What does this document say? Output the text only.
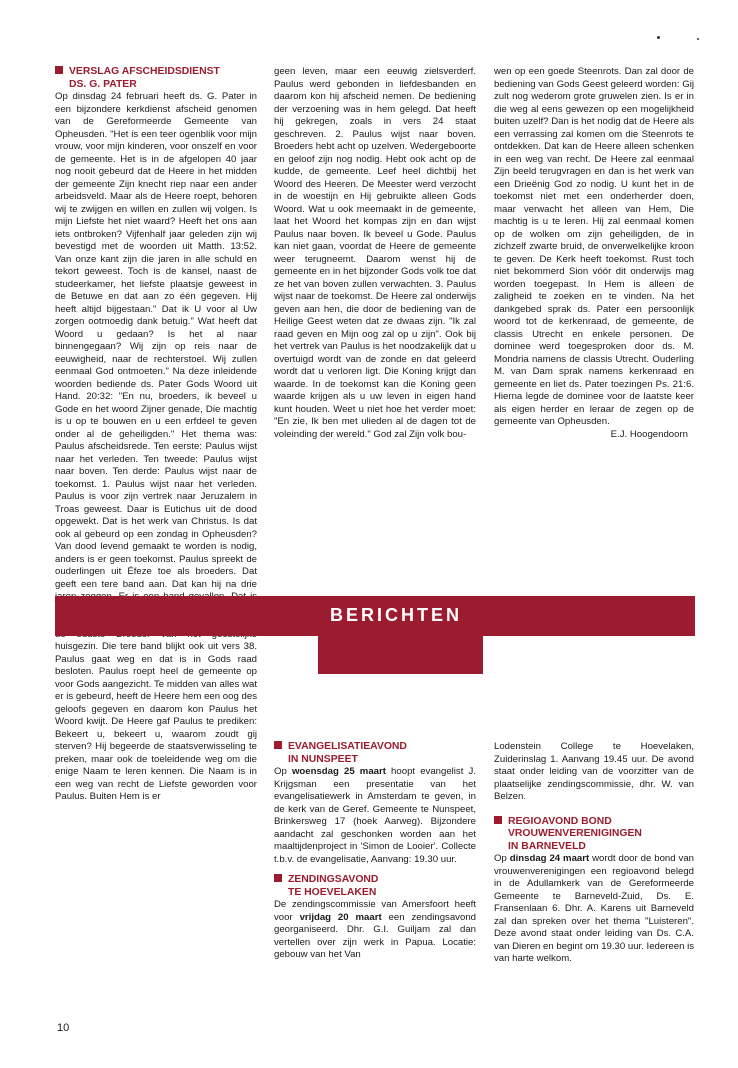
VERSLAG AFSCHEIDSDIENST
DS. G. PATER

Op dinsdag 24 februari heeft ds. G. Pater in een bijzondere kerkdienst afscheid genomen van de Gereformeerde Gemeente van Opheusden. "Het is een teer ogenblik voor mijn vrouw, voor mijn kinderen, voor onszelf en voor de gemeente. Het is in de afgelopen 40 jaar nog nooit gebeurd dat de Heere in het midden der gemeente Zijn knecht riep naar een ander arbeidsveld. Maar als de Heere roept, behoren wij te zwijgen en willen en zullen wij volgen. Is mijn Liefste het niet waard? Heeft het ons aan iets ontbroken? Vijfenhalf jaar geleden zijn wij bevestigd met de woorden uit Matth. 13:52. Van onze kant zijn die jaren in alle schuld en tekort geweest. Toch is de kansel, naast de studeerkamer, het liefste plaatsje geweest in de Betuwe en dat aan zo één gegeven. Hij heeft altijd bijgestaan." Dat ik U voor al Uw zorgen ootmoedig dank betuig." Wat heeft dat Woord u gedaan? Is het al naar binnengegaan? Wij zijn op reis naar de eeuwigheid, naar de rechterstoel. Wij zullen eenmaal God ontmoeten." Na deze inleidende woorden bediende ds. Pater Gods Woord uit Hand. 20:32: "En nu, broeders, ik beveel u Gode en het woord Zijner genade, Die machtig is u op te bouwen en u een erfdeel te geven onder al de geheiligden." Het thema was: Paulus afscheidsrede. Ten eerste: Paulus wijst naar het verleden. Ten tweede: Paulus wijst naar boven. Ten derde: Paulus wijst naar de toekomst. 1. Paulus wijst naar het verleden. Paulus is voor zijn vertrek naar Jeruzalem in Troas geweest. Daar is Eutichus uit de dood opgewekt. Dat is het werk van Christus. Is dat ook al gebeurd op een zondag in Opheusden? Van dood levend gemaakt te worden is nodig, anders is er geen toekomst. Paulus spreekt de ouderlingen uit Éfeze toe als broeders. Dat geeft een tere band aan. Dat kan hij na drie huisgezin. Die tere band blijkt ook uit vers 38. Paulus gaat weg en dat is in Gods raad besloten. Paulus roept heel de gemeente op voor Gods aangezicht. Te midden van alles wat er is gebeurd, heeft de Heere hem een oog des geloofs gegeven en daarom kon Paulus het Woord kwijt. De Heere gaf Paulus te prediken: Bekeert u, bekeert u, waarom zoudt gij sterven? Hij begeerde de staatsverwisseling te preken, maar ook de toeleidende weg om die enige Naam te leren kennen. Die Naam is in een weg van recht de Liefste geworden voor Paulus. Buiten Hem is er

geen leven, maar een eeuwig zielsverderf. Paulus werd gebonden in liefdesbanden en daarom kon hij afscheid nemen. De bediening der verzoening was in hem gelegd. Dat heeft hij gekregen, zoals in vers 24 staat geschreven. 2. Paulus wijst naar boven. Broeders hebt acht op uzelven. Wedergeboorte en geloof zijn nog nodig. Hebt ook acht op de kudde, de gemeente. Leef heel dichtbij het Woord des Heeren. De Meester werd verzocht in de woestijn en Hij gebruikte alleen Gods Woord. Wat u ook meemaakt in de gemeente, laat het Woord het kompas zijn en dan wijst Paulus naar boven. Ik beveel u Gode. Paulus kan niet gaan, voordat de Heere de gemeente weer terugneemt. Daarom wenst hij de gemeente en in het bijzonder Gods volk toe dat ze het van boven zullen verwachten. 3. Paulus wijst naar de toekomst. De Heere zal onderwijs geven aan hen, die door de bediening van de Heilige Geest weten dat ze dwaas zijn. "Ik zal raad geven en Mijn oog zal op u zijn". Ook bij het vertrek van Paulus is het noodzakelijk dat u overtuigd wordt van de zonde en dat geleerd wordt dat u verloren ligt. Die Koning krijgt dan waarde. In de toekomst kan die Koning geen waarde krijgen als u uw leven in eigen hand kunt houden. Weet u niet hoe het verder moet: "En zie, Ik ben met ulieden al de dagen tot de voleinding der wereld." God zal Zijn volk bou-

wen op een goede Steenrots. Dan zal door de bediening van Gods Geest geleerd worden: Gij zult nog wederom grote gruwelen zien. Is er in die weg al eens gewezen op een mogelijkheid buiten uzelf? Dan is het nodig dat de Heere als een verrassing zal komen om die Steenrots te ontdekken. Dat kan de Heere alleen schenken in een weg van recht. De Heere zal eenmaal Zijn beeld terugvragen en dan is het werk van een Drieënig God zo nodig. U kunt het in de toekomst niet met een onderherder doen, maar verwacht het alleen van Hem, Die machtig is u te leren. Hij zal eenmaal komen op de wolken om zijn geheiligden, de in zichzelf zwarte bruid, de onverwelkelijke kroon te geven. De Kerk heeft toekomst. Rust toch niet bekommerd Sion vóór dit onderwijs mag worden toegepast. In Hem is alleen de zaligheid te zoeken en te vinden. Na het dankgebed sprak ds. Pater een persoonlijk woord tot de kerkenraad, de gemeente, de classis Utrecht en enkele personen. De dominee werd toegesproken door ds. M. Mondria namens de classis Utrecht. Ouderling M. van Dam sprak namens kerkenraad en gemeente en liet ds. Pater toezingen Ps. 21:6. Hierna legde de dominee voor de laatste keer als eigen herder en leraar de zegen op de gemeente van Opheusden.

E.J. Hoogendoorn

BERICHTEN
EVANGELISATIEAVOND
IN NUNSPEET

Op woensdag 25 maart hoopt evangelist J. Krijgsman een presentatie van het evangelisatiewerk in Amsterdam te geven, in de kerk van de Geref. Gemeente te Nunspeet, Brinkersweg 17 (hoek Aarweg). Bijzondere aandacht zal geschonken worden aan het maaltijdenproject in 'Simon de Looier'. Collecte t.b.v. de evangelisatie, Aanvang: 19.30 uur.

ZENDINGSAVOND
TE HOEVELAKEN

De zendingscommissie van Amersfoort heeft voor vrijdag 20 maart een zendingsavond georganiseerd. Dhr. G.I. Guiljam zal dan vertellen over zijn werk in Papua. Locatie: gebouw van het Van

Lodenstein College te Hoevelaken, Zuiderinslag 1. Aanvang 19.45 uur. De avond staat onder leiding van de voorzitter van de plaatselijke zendingscommissie, dhr. W. van Belzen.

REGIOAVOND BOND
VROUWENVERENIGINGEN
IN BARNEVELD

Op dinsdag 24 maart wordt door de bond van vrouwenverenigingen een regioavond belegd in de Adullamkerk van de Gereformeerde Gemeente te Barneveld-Zuid, Ds. E. Fransenlaan 6. Dhr. A. Karens uit Barneveld zal dan spreken over het thema "Luisteren". Deze avond staat onder leiding van Ds. C.A. van Dieren en begint om 19.30 uur. Iedereen is van harte welkom.

10
